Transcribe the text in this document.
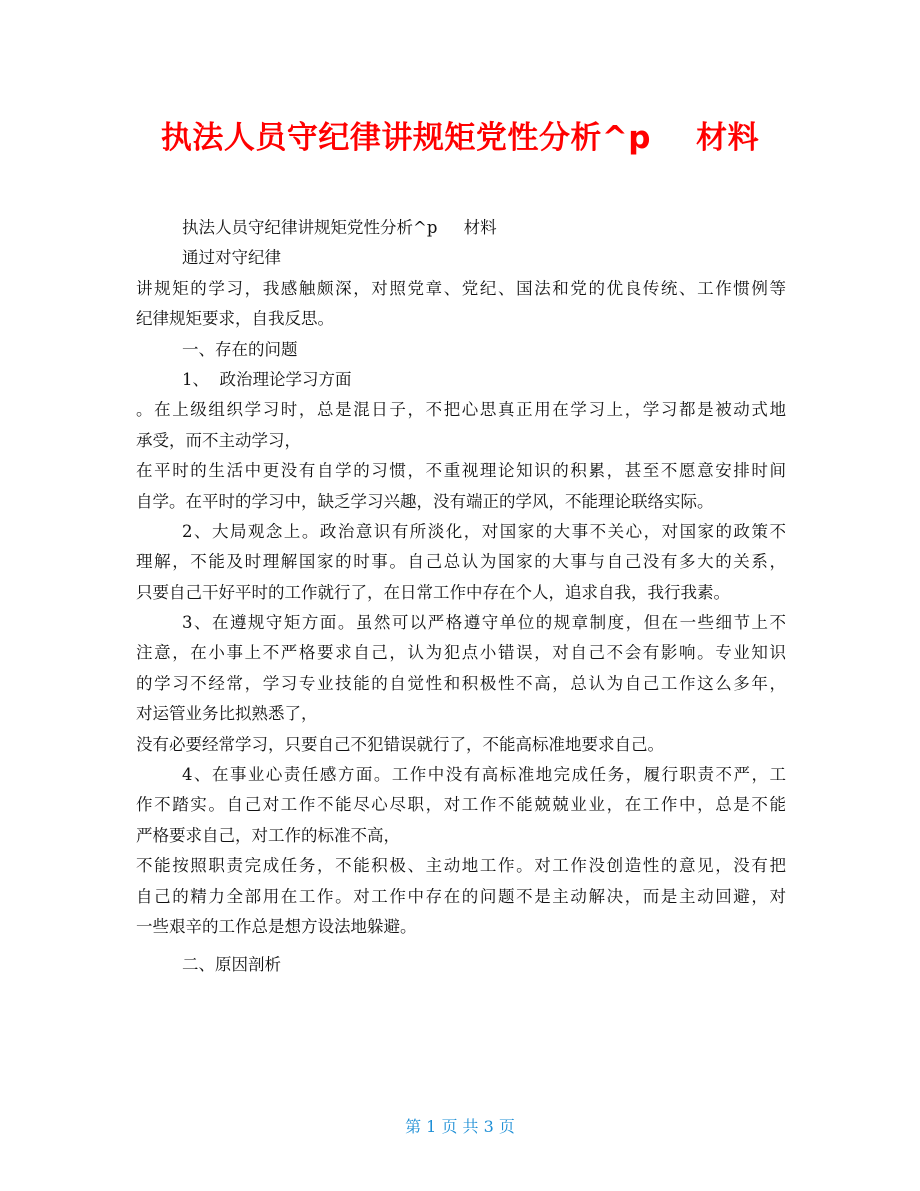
执法人员守纪律讲规矩党性分析^p    材料
执法人员守纪律讲规矩党性分析^p     材料
通过对守纪律
讲规矩的学习，我感触颇深，对照党章、党纪、国法和党的优良传统、工作惯例等
纪律规矩要求，自我反思。
一、存在的问题
1、  政治理论学习方面
。在上级组织学习时，总是混日子，不把心思真正用在学习上，学习都是被动式地
承受，而不主动学习，
在平时的生活中更没有自学的习惯，不重视理论知识的积累，甚至不愿意安排时间
自学。在平时的学习中，缺乏学习兴趣，没有端正的学风，不能理论联络实际。
2、大局观念上。政治意识有所淡化，对国家的大事不关心，对国家的政策不
理解，不能及时理解国家的时事。自己总认为国家的大事与自己没有多大的关系，
只要自己干好平时的工作就行了，在日常工作中存在个人，追求自我，我行我素。
3、在遵规守矩方面。虽然可以严格遵守单位的规章制度，但在一些细节上不
注意，在小事上不严格要求自己，认为犯点小错误，对自己不会有影响。专业知识
的学习不经常，学习专业技能的自觉性和积极性不高，总认为自己工作这么多年，
对运管业务比拟熟悉了，
没有必要经常学习，只要自己不犯错误就行了，不能高标准地要求自己。
4、在事业心责任感方面。工作中没有高标准地完成任务，履行职责不严，工
作不踏实。自己对工作不能尽心尽职，对工作不能兢兢业业，在工作中，总是不能
严格要求自己，对工作的标准不高，
不能按照职责完成任务，不能积极、主动地工作。对工作没创造性的意见，没有把
自己的精力全部用在工作。对工作中存在的问题不是主动解决，而是主动回避，对
一些艰辛的工作总是想方设法地躲避。
二、原因剖析
第 1 页 共 3 页
